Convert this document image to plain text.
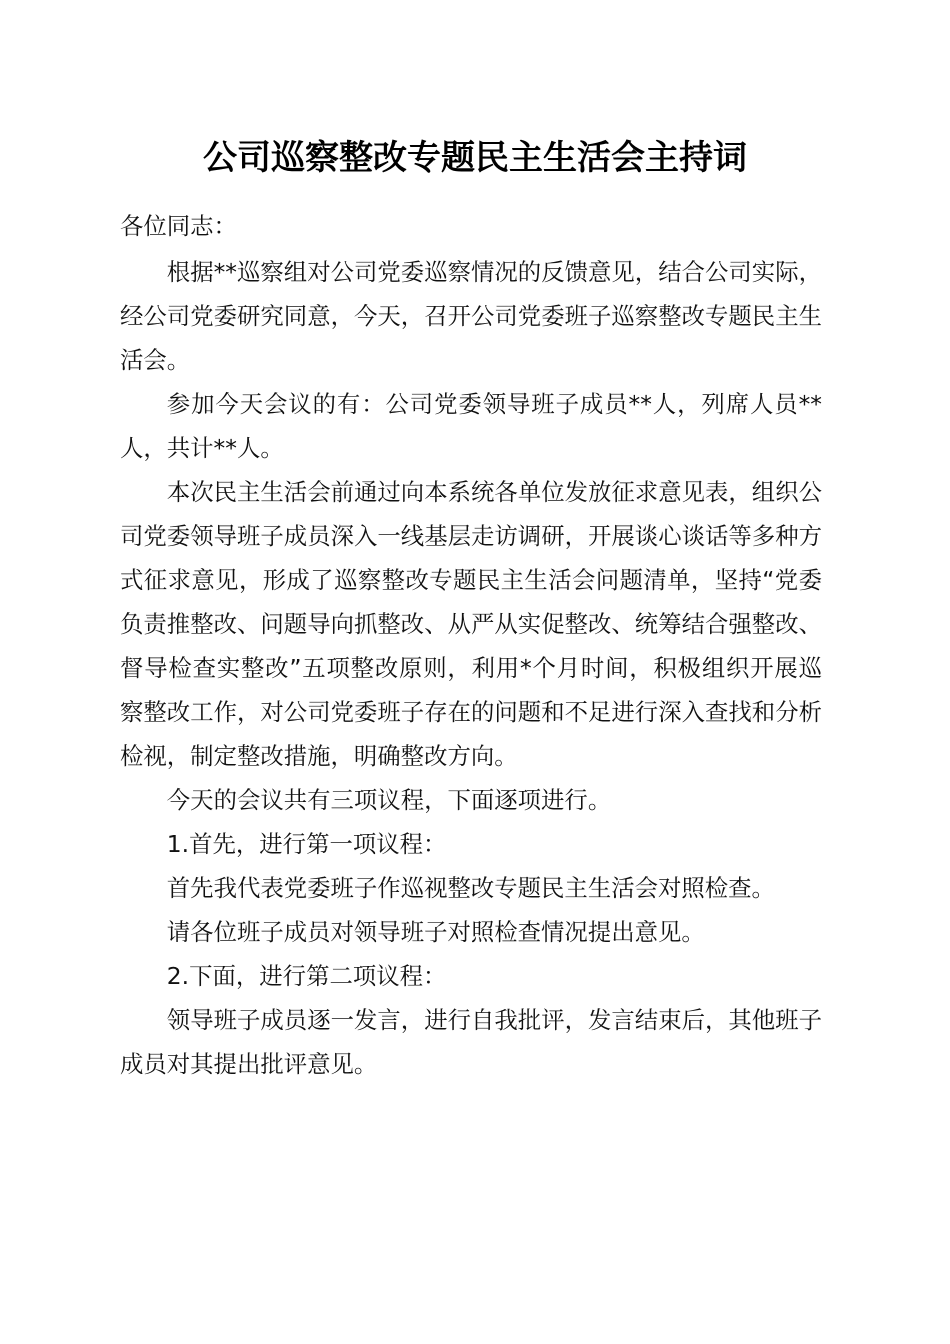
公司巡察整改专题民主生活会主持词

各位同志：

根据**巡察组对公司党委巡察情况的反馈意见，结合公司实际，经公司党委研究同意，今天，召开公司党委班子巡察整改专题民主生活会。

参加今天会议的有：公司党委领导班子成员**人，列席人员**人，共计**人。

本次民主生活会前通过向本系统各单位发放征求意见表，组织公司党委领导班子成员深入一线基层走访调研，开展谈心谈话等多种方式征求意见，形成了巡察整改专题民主生活会问题清单，坚持“党委负责推整改、问题导向抓整改、从严从实促整改、统筹结合强整改、督导检查实整改”五项整改原则，利用*个月时间，积极组织开展巡察整改工作，对公司党委班子存在的问题和不足进行深入查找和分析检视，制定整改措施，明确整改方向。

今天的会议共有三项议程，下面逐项进行。

1.首先，进行第一项议程：

首先我代表党委班子作巡视整改专题民主生活会对照检查。

请各位班子成员对领导班子对照检查情况提出意见。

2.下面，进行第二项议程：

领导班子成员逐一发言，进行自我批评，发言结束后，其他班子成员对其提出批评意见。
